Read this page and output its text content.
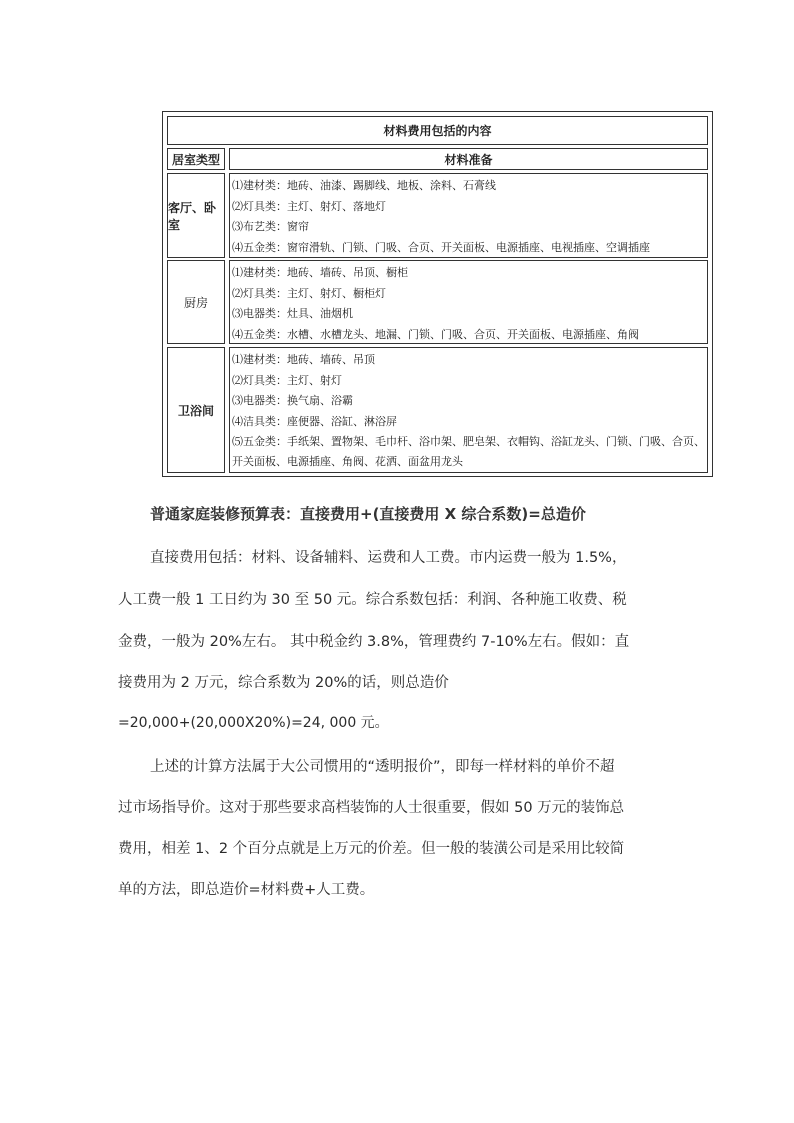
材料费用包括的内容
居室类型	材料准备
客厅、卧室
⑴建材类：地砖、油漆、踢脚线、地板、涂料、石膏线
⑵灯具类：主灯、射灯、落地灯
⑶布艺类：窗帘
⑷五金类：窗帘滑轨、门锁、门吸、合页、开关面板、电源插座、电视插座、空调插座
厨房
⑴建材类：地砖、墙砖、吊顶、橱柜
⑵灯具类：主灯、射灯、橱柜灯
⑶电器类：灶具、油烟机
⑷五金类：水槽、水槽龙头、地漏、门锁、门吸、合页、开关面板、电源插座、角阀
卫浴间
⑴建材类：地砖、墙砖、吊顶
⑵灯具类：主灯、射灯
⑶电器类：换气扇、浴霸
⑷洁具类：座便器、浴缸、淋浴屏
⑸五金类：手纸架、置物架、毛巾杆、浴巾架、肥皂架、衣帽钩、浴缸龙头、门锁、门吸、合页、开关面板、电源插座、角阀、花洒、面盆用龙头
普通家庭装修预算表：直接费用+(直接费用 X 综合系数)=总造价
直接费用包括：材料、设备辅料、运费和人工费。市内运费一般为 1.5%，
人工费一般 1 工日约为 30 至 50 元。综合系数包括：利润、各种施工收费、税
金费，一般为 20%左右。 其中税金约 3.8%，管理费约 7-10%左右。假如：直
接费用为 2 万元，综合系数为 20%的话，则总造价
=20,000+(20,000X20%)=24, 000 元。
上述的计算方法属于大公司惯用的“透明报价”，即每一样材料的单价不超
过市场指导价。这对于那些要求高档装饰的人士很重要，假如 50 万元的装饰总
费用，相差 1、2 个百分点就是上万元的价差。但一般的装潢公司是采用比较简
单的方法，即总造价=材料费+人工费。
